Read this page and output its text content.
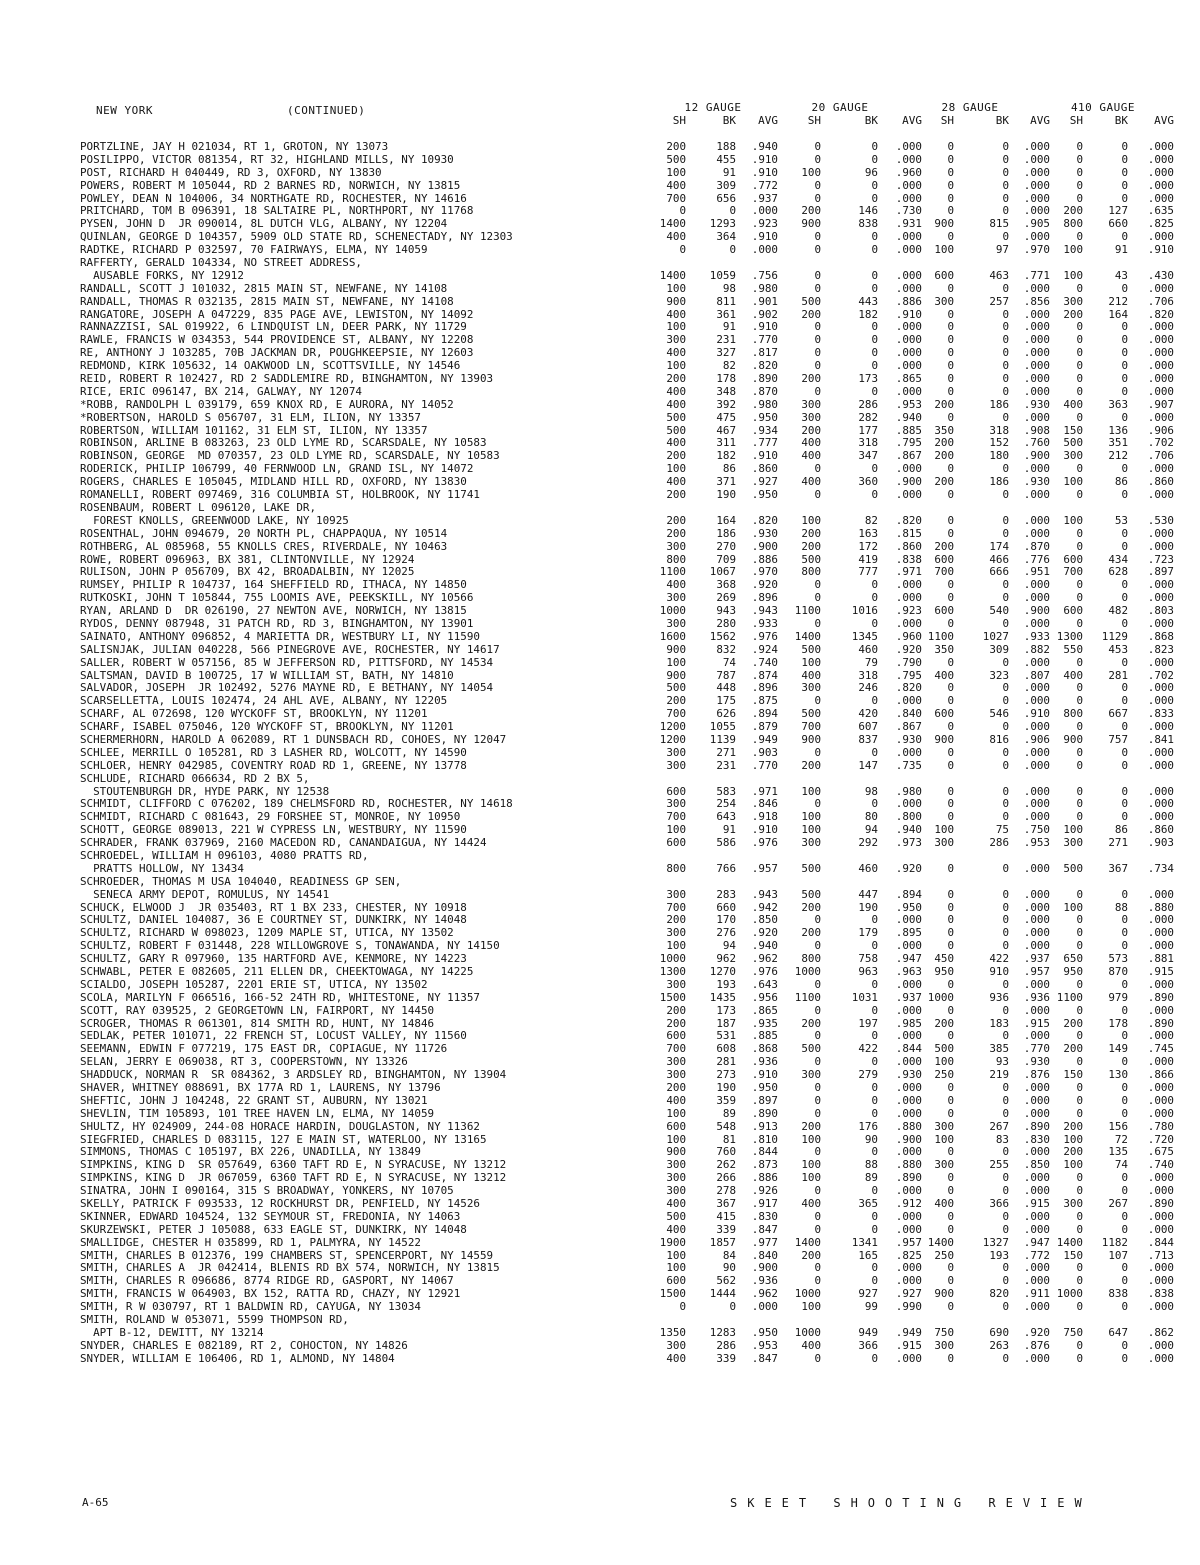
NEW YORK	(CONTINUED)	12 GAUGE	20 GAUGE	28 GAUGE	410 GAUGE
SH	BK	AVG	SH	BK	AVG	SH	BK	AVG	SH	BK	AVG
PORTZLINE, JAY H 021034, RT 1, GROTON, NY 13073	200	188	.940	0	0	.000	0	0	.000	0	0	.000
POSILIPPO, VICTOR 081354, RT 32, HIGHLAND MILLS, NY 10930	500	455	.910	0	0	.000	0	0	.000	0	0	.000
POST, RICHARD H 040449, RD 3, OXFORD, NY 13830	100	91	.910	100	96	.960	0	0	.000	0	0	.000
POWERS, ROBERT M 105044, RD 2 BARNES RD, NORWICH, NY 13815	400	309	.772	0	0	.000	0	0	.000	0	0	.000
POWLEY, DEAN N 104006, 34 NORTHGATE RD, ROCHESTER, NY 14616	700	656	.937	0	0	.000	0	0	.000	0	0	.000
PRITCHARD, TOM B 096391, 18 SALTAIRE PL, NORTHPORT, NY 11768	0	0	.000	200	146	.730	0	0	.000	200	127	.635
PYSEN, JOHN D  JR 090014, 8L DUTCH VLG, ALBANY, NY 12204	1400	1293	.923	900	838	.931	900	815	.905	800	660	.825
QUINLAN, GEORGE D 104357, 5909 OLD STATE RD, SCHENECTADY, NY 12303	400	364	.910	0	0	.000	0	0	.000	0	0	.000
RADTKE, RICHARD P 032597, 70 FAIRWAYS, ELMA, NY 14059	0	0	.000	0	0	.000	100	97	.970	100	91	.910
RAFFERTY, GERALD 104334, NO STREET ADDRESS,
AUSABLE FORKS, NY 12912	1400	1059	.756	0	0	.000	600	463	.771	100	43	.430
RANDALL, SCOTT J 101032, 2815 MAIN ST, NEWFANE, NY 14108	100	98	.980	0	0	.000	0	0	.000	0	0	.000
RANDALL, THOMAS R 032135, 2815 MAIN ST, NEWFANE, NY 14108	900	811	.901	500	443	.886	300	257	.856	300	212	.706
RANGATORE, JOSEPH A 047229, 835 PAGE AVE, LEWISTON, NY 14092	400	361	.902	200	182	.910	0	0	.000	200	164	.820
RANNAZZISI, SAL 019922, 6 LINDQUIST LN, DEER PARK, NY 11729	100	91	.910	0	0	.000	0	0	.000	0	0	.000
RAWLE, FRANCIS W 034353, 544 PROVIDENCE ST, ALBANY, NY 12208	300	231	.770	0	0	.000	0	0	.000	0	0	.000
RE, ANTHONY J 103285, 70B JACKMAN DR, POUGHKEEPSIE, NY 12603	400	327	.817	0	0	.000	0	0	.000	0	0	.000
REDMOND, KIRK 105632, 14 OAKWOOD LN, SCOTTSVILLE, NY 14546	100	82	.820	0	0	.000	0	0	.000	0	0	.000
REID, ROBERT R 102427, RD 2 SADDLEMIRE RD, BINGHAMTON, NY 13903	200	178	.890	200	173	.865	0	0	.000	0	0	.000
RICE, ERIC 096147, BX 214, GALWAY, NY 12074	400	348	.870	0	0	.000	0	0	.000	0	0	.000
*ROBB, RANDOLPH L 039179, 659 KNOX RD, E AURORA, NY 14052	400	392	.980	300	286	.953	200	186	.930	400	363	.907
*ROBERTSON, HAROLD S 056707, 31 ELM, ILION, NY 13357	500	475	.950	300	282	.940	0	0	.000	0	0	.000
ROBERTSON, WILLIAM 101162, 31 ELM ST, ILION, NY 13357	500	467	.934	200	177	.885	350	318	.908	150	136	.906
ROBINSON, ARLINE B 083263, 23 OLD LYME RD, SCARSDALE, NY 10583	400	311	.777	400	318	.795	200	152	.760	500	351	.702
ROBINSON, GEORGE  MD 070357, 23 OLD LYME RD, SCARSDALE, NY 10583	200	182	.910	400	347	.867	200	180	.900	300	212	.706
RODERICK, PHILIP 106799, 40 FERNWOOD LN, GRAND ISL, NY 14072	100	86	.860	0	0	.000	0	0	.000	0	0	.000
ROGERS, CHARLES E 105045, MIDLAND HILL RD, OXFORD, NY 13830	400	371	.927	400	360	.900	200	186	.930	100	86	.860
ROMANELLI, ROBERT 097469, 316 COLUMBIA ST, HOLBROOK, NY 11741	200	190	.950	0	0	.000	0	0	.000	0	0	.000
ROSENBAUM, ROBERT L 096120, LAKE DR,
FOREST KNOLLS, GREENWOOD LAKE, NY 10925	200	164	.820	100	82	.820	0	0	.000	100	53	.530
ROSENTHAL, JOHN 094679, 20 NORTH PL, CHAPPAQUA, NY 10514	200	186	.930	200	163	.815	0	0	.000	0	0	.000
ROTHBERG, AL 085968, 55 KNOLLS CRES, RIVERDALE, NY 10463	300	270	.900	200	172	.860	200	174	.870	0	0	.000
ROWE, ROBERT 096963, BX 381, CLINTONVILLE, NY 12924	800	709	.886	500	419	.838	600	466	.776	600	434	.723
RULISON, JOHN P 056709, BX 42, BROADALBIN, NY 12025	1100	1067	.970	800	777	.971	700	666	.951	700	628	.897
RUMSEY, PHILIP R 104737, 164 SHEFFIELD RD, ITHACA, NY 14850	400	368	.920	0	0	.000	0	0	.000	0	0	.000
RUTKOSKI, JOHN T 105844, 755 LOOMIS AVE, PEEKSKILL, NY 10566	300	269	.896	0	0	.000	0	0	.000	0	0	.000
RYAN, ARLAND D  DR 026190, 27 NEWTON AVE, NORWICH, NY 13815	1000	943	.943	1100	1016	.923	600	540	.900	600	482	.803
RYDOS, DENNY 087948, 31 PATCH RD, RD 3, BINGHAMTON, NY 13901	300	280	.933	0	0	.000	0	0	.000	0	0	.000
SAINATO, ANTHONY 096852, 4 MARIETTA DR, WESTBURY LI, NY 11590	1600	1562	.976	1400	1345	.960 1100	1027	.933 1300	1129	.868
SALISNJAK, JULIAN 040228, 566 PINEGROVE AVE, ROCHESTER, NY 14617	900	832	.924	500	460	.920	350	309	.882	550	453	.823
SALLER, ROBERT W 057156, 85 W JEFFERSON RD, PITTSFORD, NY 14534	100	74	.740	100	79	.790	0	0	.000	0	0	.000
SALTSMAN, DAVID B 100725, 17 W WILLIAM ST, BATH, NY 14810	900	787	.874	400	318	.795	400	323	.807	400	281	.702
SALVADOR, JOSEPH  JR 102492, 5276 MAYNE RD, E BETHANY, NY 14054	500	448	.896	300	246	.820	0	0	.000	0	0	.000
SCARSELLETTA, LOUIS 102474, 24 AHL AVE, ALBANY, NY 12205	200	175	.875	0	0	.000	0	0	.000	0	0	.000
SCHARF, AL 072698, 120 WYCKOFF ST, BROOKLYN, NY 11201	700	626	.894	500	420	.840	600	546	.910	800	667	.833
SCHARF, ISABEL 075046, 120 WYCKOFF ST, BROOKLYN, NY 11201	1200	1055	.879	700	607	.867	0	0	.000	0	0	.000
SCHERMERHORN, HAROLD A 062089, RT 1 DUNSBACH RD, COHOES, NY 12047	1200	1139	.949	900	837	.930	900	816	.906	900	757	.841
SCHLEE, MERRILL O 105281, RD 3 LASHER RD, WOLCOTT, NY 14590	300	271	.903	0	0	.000	0	0	.000	0	0	.000
SCHLOER, HENRY 042985, COVENTRY ROAD RD 1, GREENE, NY 13778	300	231	.770	200	147	.735	0	0	.000	0	0	.000
SCHLUDE, RICHARD 066634, RD 2 BX 5,
STOUTENBURGH DR, HYDE PARK, NY 12538	600	583	.971	100	98	.980	0	0	.000	0	0	.000
SCHMIDT, CLIFFORD C 076202, 189 CHELMSFORD RD, ROCHESTER, NY 14618	300	254	.846	0	0	.000	0	0	.000	0	0	.000
SCHMIDT, RICHARD C 081643, 29 FORSHEE ST, MONROE, NY 10950	700	643	.918	100	80	.800	0	0	.000	0	0	.000
SCHOTT, GEORGE 089013, 221 W CYPRESS LN, WESTBURY, NY 11590	100	91	.910	100	94	.940	100	75	.750	100	86	.860
SCHRADER, FRANK 037969, 2160 MACEDON RD, CANANDAIGUA, NY 14424	600	586	.976	300	292	.973	300	286	.953	300	271	.903
SCHROEDEL, WILLIAM H 096103, 4080 PRATTS RD,
PRATTS HOLLOW, NY 13434	800	766	.957	500	460	.920	0	0	.000	500	367	.734
SCHROEDER, THOMAS M USA 104040, READINESS GP SEN,
SENECA ARMY DEPOT, ROMULUS, NY 14541	300	283	.943	500	447	.894	0	0	.000	0	0	.000
SCHUCK, ELWOOD J  JR 035403, RT 1 BX 233, CHESTER, NY 10918	700	660	.942	200	190	.950	0	0	.000	100	88	.880
SCHULTZ, DANIEL 104087, 36 E COURTNEY ST, DUNKIRK, NY 14048	200	170	.850	0	0	.000	0	0	.000	0	0	.000
SCHULTZ, RICHARD W 098023, 1209 MAPLE ST, UTICA, NY 13502	300	276	.920	200	179	.895	0	0	.000	0	0	.000
SCHULTZ, ROBERT F 031448, 228 WILLOWGROVE S, TONAWANDA, NY 14150	100	94	.940	0	0	.000	0	0	.000	0	0	.000
SCHULTZ, GARY R 097960, 135 HARTFORD AVE, KENMORE, NY 14223	1000	962	.962	800	758	.947	450	422	.937	650	573	.881
SCHWABL, PETER E 082605, 211 ELLEN DR, CHEEKTOWAGA, NY 14225	1300	1270	.976	1000	963	.963	950	910	.957	950	870	.915
SCIALDO, JOSEPH 105287, 2201 ERIE ST, UTICA, NY 13502	300	193	.643	0	0	.000	0	0	.000	0	0	.000
SCOLA, MARILYN F 066516, 166-52 24TH RD, WHITESTONE, NY 11357	1500	1435	.956	1100	1031	.937 1000	936	.936 1100	979	.890
SCOTT, RAY 039525, 2 GEORGETOWN LN, FAIRPORT, NY 14450	200	173	.865	0	0	.000	0	0	.000	0	0	.000
SCROGER, THOMAS R 061301, 814 SMITH RD, HUNT, NY 14846	200	187	.935	200	197	.985	200	183	.915	200	178	.890
SEDLAK, PETER 101071, 22 FRENCH ST, LOCUST VALLEY, NY 11560	600	531	.885	0	0	.000	0	0	.000	0	0	.000
SEEMANN, EDWIN F 077219, 175 EAST DR, COPIAGUE, NY 11726	700	608	.868	500	422	.844	500	385	.770	200	149	.745
SELAN, JERRY E 069038, RT 3, COOPERSTOWN, NY 13326	300	281	.936	0	0	.000	100	93	.930	0	0	.000
SHADDUCK, NORMAN R  SR 084362, 3 ARDSLEY RD, BINGHAMTON, NY 13904	300	273	.910	300	279	.930	250	219	.876	150	130	.866
SHAVER, WHITNEY 088691, BX 177A RD 1, LAURENS, NY 13796	200	190	.950	0	0	.000	0	0	.000	0	0	.000
SHEFTIC, JOHN J 104248, 22 GRANT ST, AUBURN, NY 13021	400	359	.897	0	0	.000	0	0	.000	0	0	.000
SHEVLIN, TIM 105893, 101 TREE HAVEN LN, ELMA, NY 14059	100	89	.890	0	0	.000	0	0	.000	0	0	.000
SHULTZ, HY 024909, 244-08 HORACE HARDIN, DOUGLASTON, NY 11362	600	548	.913	200	176	.880	300	267	.890	200	156	.780
SIEGFRIED, CHARLES D 083115, 127 E MAIN ST, WATERLOO, NY 13165	100	81	.810	100	90	.900	100	83	.830	100	72	.720
SIMMONS, THOMAS C 105197, BX 226, UNADILLA, NY 13849	900	760	.844	0	0	.000	0	0	.000	200	135	.675
SIMPKINS, KING D  SR 057649, 6360 TAFT RD E, N SYRACUSE, NY 13212	300	262	.873	100	88	.880	300	255	.850	100	74	.740
SIMPKINS, KING D  JR 067059, 6360 TAFT RD E, N SYRACUSE, NY 13212	300	266	.886	100	89	.890	0	0	.000	0	0	.000
SINATRA, JOHN I 090164, 315 S BROADWAY, YONKERS, NY 10705	300	278	.926	0	0	.000	0	0	.000	0	0	.000
SKELLY, PATRICK F 093533, 12 ROCKHURST DR, PENFIELD, NY 14526	400	367	.917	400	365	.912	400	366	.915	300	267	.890
SKINNER, EDWARD 104524, 132 SEYMOUR ST, FREDONIA, NY 14063	500	415	.830	0	0	.000	0	0	.000	0	0	.000
SKURZEWSKI, PETER J 105088, 633 EAGLE ST, DUNKIRK, NY 14048	400	339	.847	0	0	.000	0	0	.000	0	0	.000
SMALLIDGE, CHESTER H 035899, RD 1, PALMYRA, NY 14522	1900	1857	.977	1400	1341	.957 1400	1327	.947 1400	1182	.844
SMITH, CHARLES B 012376, 199 CHAMBERS ST, SPENCERPORT, NY 14559	100	84	.840	200	165	.825	250	193	.772	150	107	.713
SMITH, CHARLES A  JR 042414, BLENIS RD BX 574, NORWICH, NY 13815	100	90	.900	0	0	.000	0	0	.000	0	0	.000
SMITH, CHARLES R 096686, 8774 RIDGE RD, GASPORT, NY 14067	600	562	.936	0	0	.000	0	0	.000	0	0	.000
SMITH, FRANCIS W 064903, BX 152, RATTA RD, CHAZY, NY 12921	1500	1444	.962	1000	927	.927	900	820	.911 1000	838	.838
SMITH, R W 030797, RT 1 BALDWIN RD, CAYUGA, NY 13034	0	0	.000	100	99	.990	0	0	.000	0	0	.000
SMITH, ROLAND W 053071, 5599 THOMPSON RD,
APT B-12, DEWITT, NY 13214	1350	1283	.950	1000	949	.949	750	690	.920	750	647	.862
SNYDER, CHARLES E 082189, RT 2, COHOCTON, NY 14826	300	286	.953	400	366	.915	300	263	.876	0	0	.000
SNYDER, WILLIAM E 106406, RD 1, ALMOND, NY 14804	400	339	.847	0	0	.000	0	0	.000	0	0	.000
A-65	SKEET SHOOTING REVIEW
